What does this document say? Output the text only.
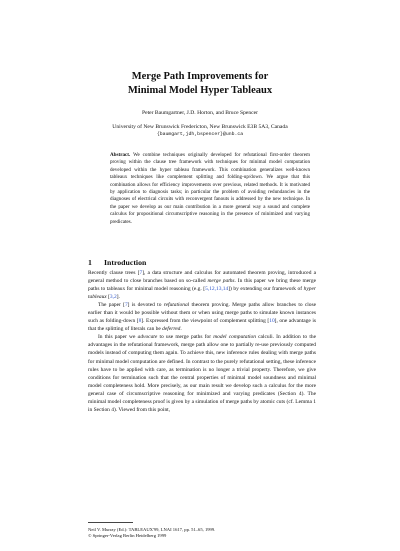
Merge Path Improvements for
Minimal Model Hyper Tableaux
Peter Baumgartner, J.D. Horton, and Bruce Spencer
University of New Brunswick Fredericton, New Brunswick E3B 5A3, Canada
{baumgart,jdh,bspencer}@unb.ca
Abstract. We combine techniques originally developed for refutational first-order theorem proving within the clause tree framework with techniques for minimal model computation developed within the hyper tableau framework. This combination generalizes well-known tableaux techniques like complement splitting and folding-up/down. We argue that this combination allows for efficiency improvements over previous, related methods. It is motivated by application to diagnosis tasks; in particular the problem of avoiding redundancies in the diagnoses of electrical circuits with reconvergent fanouts is addressed by the new technique. In the paper we develop as our main contribution in a more general way a sound and complete calculus for propositional circumscriptive reasoning in the presence of minimized and varying predicates.
1 Introduction

Recently clause trees [7], a data structure and calculus for automated theorem proving, introduced a general method to close branches based on so-called merge paths. In this paper we bring these merge paths to tableaux for minimal model reasoning (e.g. [5,12,13,14]) by extending our framework of hyper tableaux [3,2].

The paper [7] is devoted to refutational theorem proving. Merge paths allow branches to close earlier than it would be possible without them or when using merge paths to simulate known instances such as folding-down [8]. Expressed from the viewpoint of complement splitting [10], one advantage is that the splitting of literals can be deferred.

In this paper we advocate to use merge paths for model computation calculi. In addition to the advantages in the refutational framework, merge path allow one to partially re-use previously computed models instead of computing them again. To achieve this, new inference rules dealing with merge paths for minimal model computation are defined. In contrast to the purely refutational setting, these inference rules have to be applied with care, as termination is no longer a trivial property. Therefore, we give conditions for termination such that the central properties of minimal model soundness and minimal model completeness hold. More precisely, as our main result we develop such a calculus for the more general case of circumscriptive reasoning for minimized and varying predicates (Section 4). The minimal model completeness proof is given by a simulation of merge paths by atomic cuts (cf. Lemma 1 in Section 4). Viewed from this point,

Neil V. Murray (Ed.): TABLEAUX'99, LNAI 1617, pp. 51–65, 1999.
© Springer-Verlag Berlin Heidelberg 1999
